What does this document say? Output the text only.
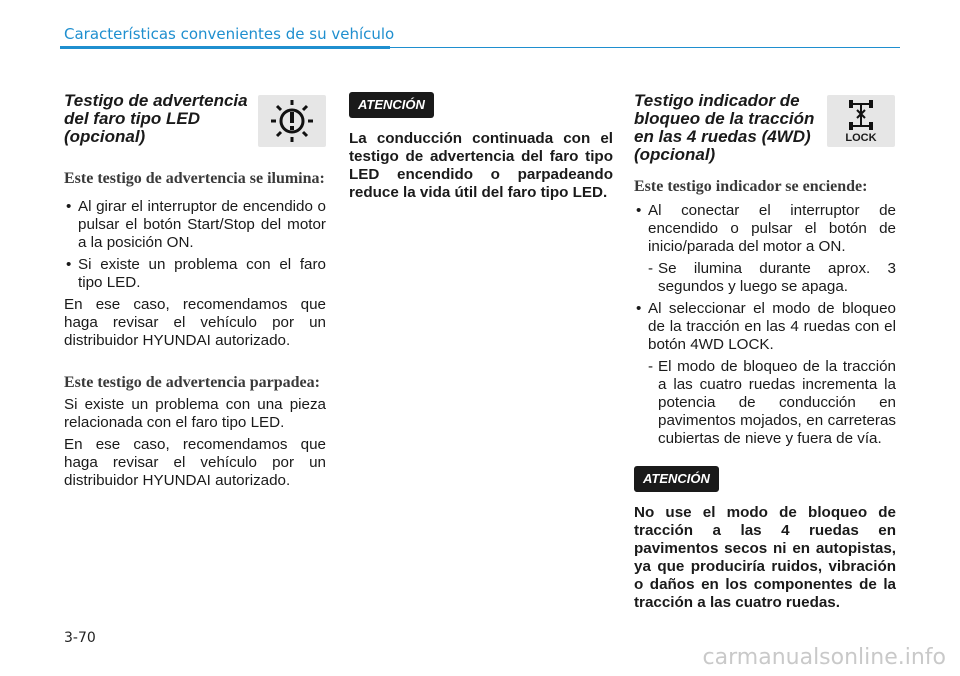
Características convenientes de su vehículo
Testigo de advertencia del faro tipo LED (opcional)
Este testigo de advertencia se ilumina:
• Al girar el interruptor de encendido o pulsar el botón Start/Stop del motor a la posición ON.
• Si existe un problema con el faro tipo LED.

En ese caso, recomendamos que haga revisar el vehículo por un distribuidor HYUNDAI autorizado.

Este testigo de advertencia parpadea:

Si existe un problema con una pieza relacionada con el faro tipo LED.

En ese caso, recomendamos que haga revisar el vehículo por un distribuidor HYUNDAI autorizado.

ATENCIÓN

La conducción continuada con el testigo de advertencia del faro tipo LED encendido o parpadeando reduce la vida útil del faro tipo LED.

Testigo indicador de bloqueo de la tracción en las 4 ruedas (4WD) (opcional)
Este testigo indicador se enciende:
• Al conectar el interruptor de encendido o pulsar el botón de inicio/parada del motor a ON.
- Se ilumina durante aprox. 3 segundos y luego se apaga.
• Al seleccionar el modo de bloqueo de la tracción en las 4 ruedas con el botón 4WD LOCK.
- El modo de bloqueo de la tracción a las cuatro ruedas incrementa la potencia de conducción en pavimentos mojados, en carreteras cubiertas de nieve y fuera de vía.
ATENCIÓN

No use el modo de bloqueo de tracción a las 4 ruedas en pavimentos secos ni en autopistas, ya que produciría ruidos, vibración o daños en los componentes de la tracción a las cuatro ruedas.

LOCK
3-70
carmanualsonline.info
